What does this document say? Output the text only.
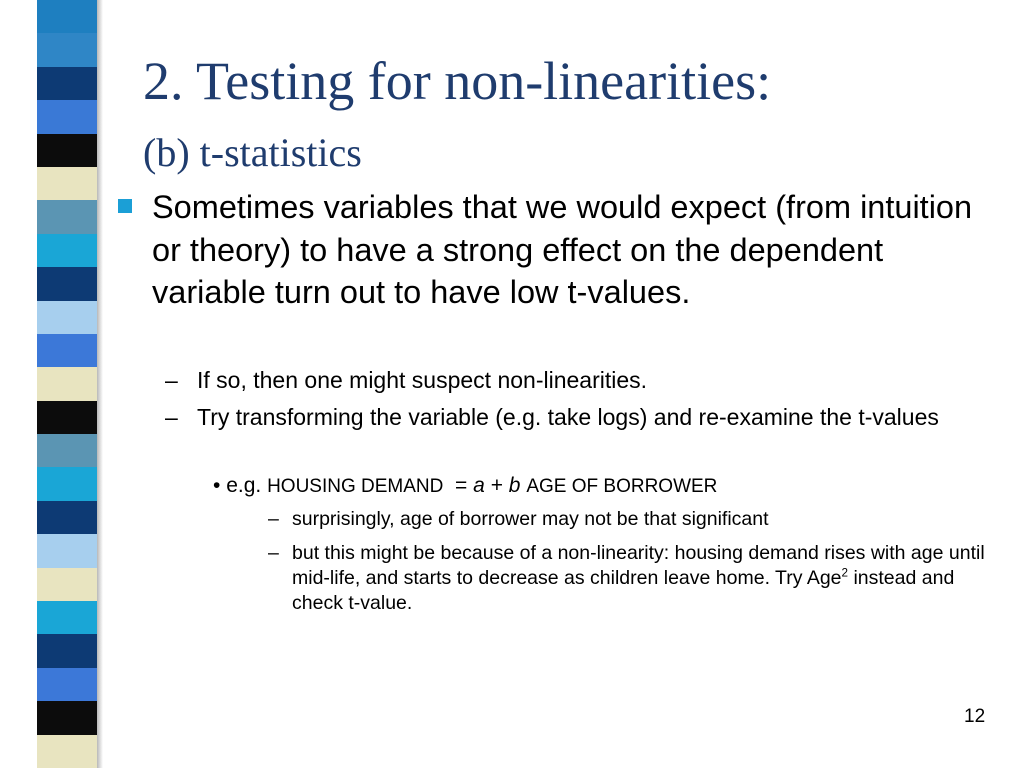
2. Testing for non-linearities:
(b) t-statistics
Sometimes variables that we would expect (from intuition or theory) to have a strong effect on the dependent variable turn out to have low t-values.
– If so, then one might suspect non-linearities.
– Try transforming the variable (e.g. take logs) and re-examine the t-values
• e.g. HOUSING DEMAND = a + b AGE OF BORROWER
– surprisingly, age of borrower may not be that significant
– but this might be because of a non-linearity: housing demand rises with age until mid-life, and starts to decrease as children leave home. Try Age$^2$ instead and check t-value.
12
